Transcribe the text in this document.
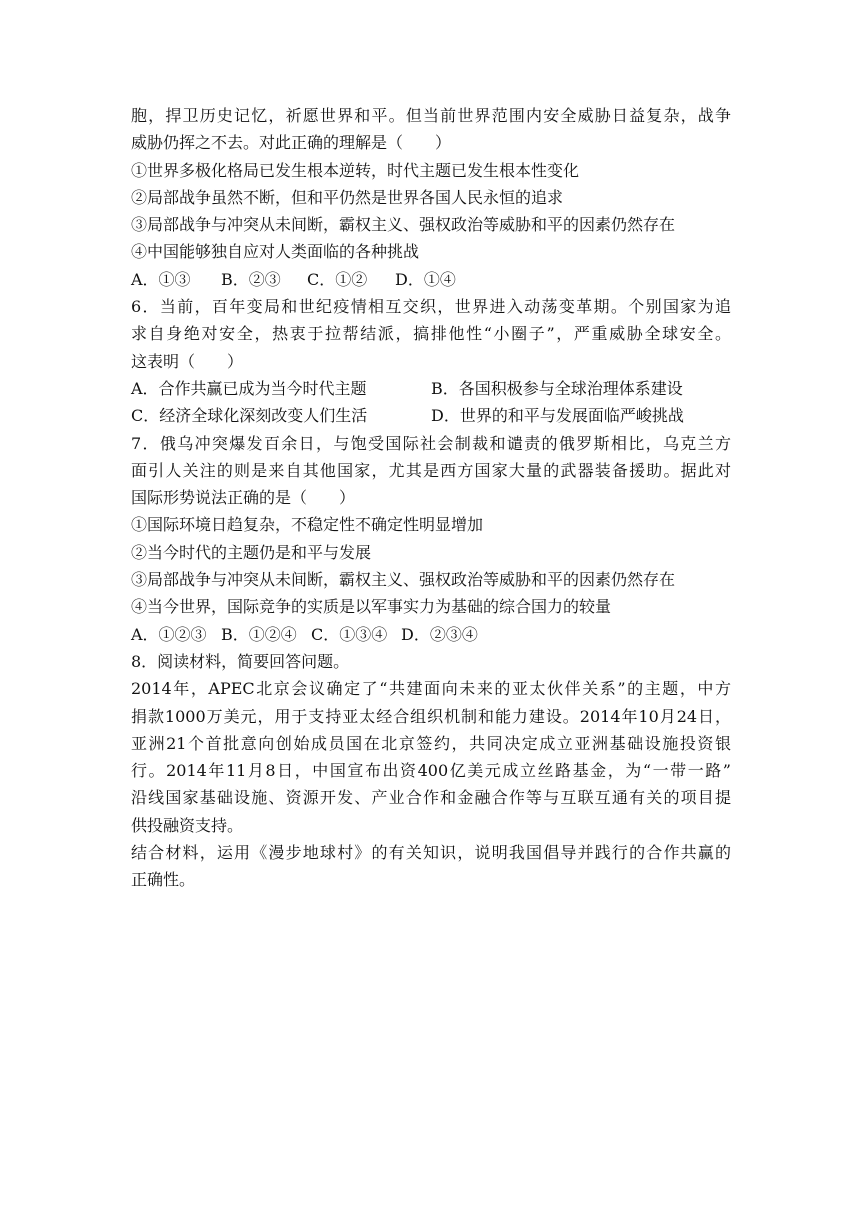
胞，捍卫历史记忆，祈愿世界和平。但当前世界范围内安全威胁日益复杂，战争
威胁仍挥之不去。对此正确的理解是（　　）
①世界多极化格局已发生根本逆转，时代主题已发生根本性变化
②局部战争虽然不断，但和平仍然是世界各国人民永恒的追求
③局部战争与冲突从未间断，霸权主义、强权政治等威胁和平的因素仍然存在
④中国能够独自应对人类面临的各种挑战
A．①③ B．②③ C．①② D．①④
6．当前，百年变局和世纪疫情相互交织，世界进入动荡变革期。个别国家为追
求自身绝对安全，热衷于拉帮结派，搞排他性“小圈子”，严重威胁全球安全。
这表明（　　）
A．合作共赢已成为当今时代主题	B．各国积极参与全球治理体系建设
C．经济全球化深刻改变人们生活	D．世界的和平与发展面临严峻挑战
7．俄乌冲突爆发百余日，与饱受国际社会制裁和谴责的俄罗斯相比，乌克兰方
面引人关注的则是来自其他国家，尤其是西方国家大量的武器装备援助。据此对
国际形势说法正确的是（　　）
①国际环境日趋复杂，不稳定性不确定性明显增加
②当今时代的主题仍是和平与发展
③局部战争与冲突从未间断，霸权主义、强权政治等威胁和平的因素仍然存在
④当今世界，国际竞争的实质是以军事实力为基础的综合国力的较量
A．①②③ B．①②④ C．①③④ D．②③④
8．阅读材料，简要回答问题。
2014年，APEC北京会议确定了“共建面向未来的亚太伙伴关系”的主题，中方
捐款1000万美元，用于支持亚太经合组织机制和能力建设。2014年10月24日，
亚洲21个首批意向创始成员国在北京签约，共同决定成立亚洲基础设施投资银
行。2014年11月8日，中国宣布出资400亿美元成立丝路基金，为“一带一路”
沿线国家基础设施、资源开发、产业合作和金融合作等与互联互通有关的项目提
供投融资支持。
结合材料，运用《漫步地球村》的有关知识，说明我国倡导并践行的合作共赢的
正确性。
